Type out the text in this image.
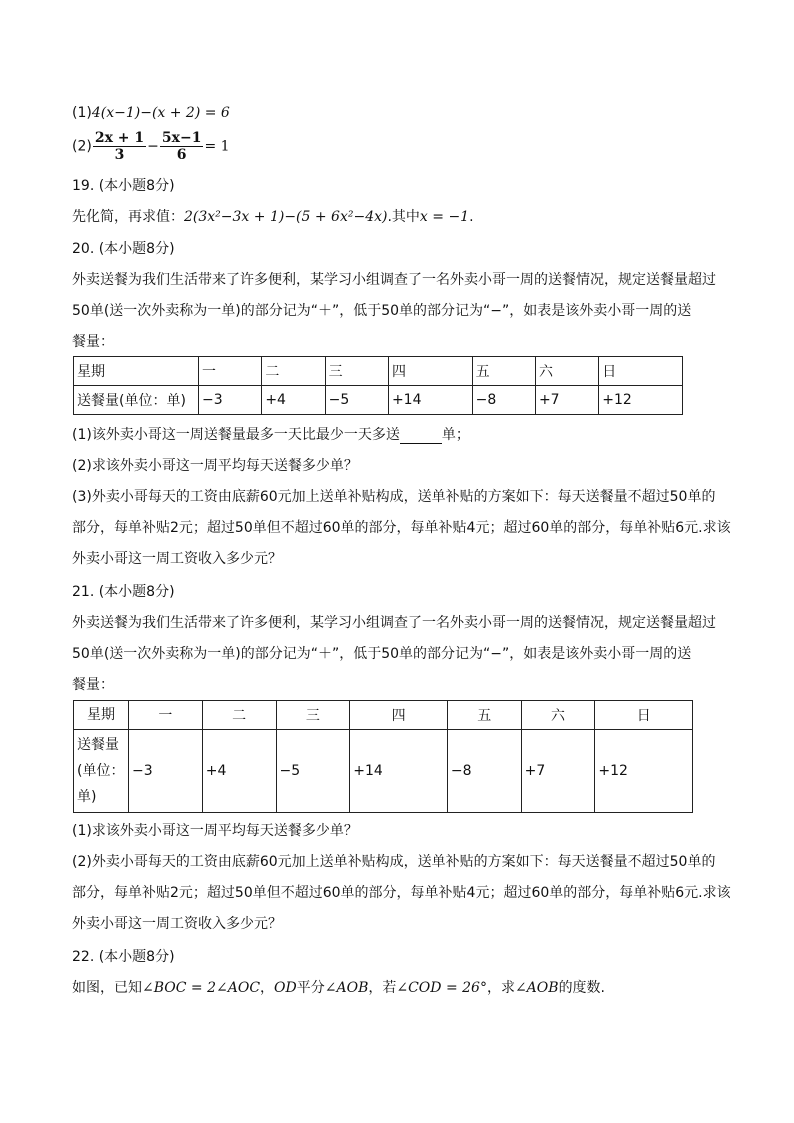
(1)4(x−1)−(x + 2) = 6
$(2) \frac{2x + 1}{3} - \frac{5x-1}{6} = 1$
19. (本小题8分)
先化简，再求值：2(3x²−3x + 1)−(5 + 6x²−4x).其中x = −1.
20. (本小题8分)
外卖送餐为我们生活带来了许多便利，某学习小组调查了一名外卖小哥一周的送餐情况，规定送餐量超过
50单(送一次外卖称为一单)的部分记为“＋”，低于50单的部分记为“−”，如表是该外卖小哥一周的送
餐量：
星期	一	二	三	四	五	六	日
送餐量(单位：单)	−3	+4	−5	+14	−8	+7	+12
(1)该外卖小哥这一周送餐量最多一天比最少一天多送	单；
(2)求该外卖小哥这一周平均每天送餐多少单？
(3)外卖小哥每天的工资由底薪60元加上送单补贴构成，送单补贴的方案如下：每天送餐量不超过50单的
部分，每单补贴2元；超过50单但不超过60单的部分，每单补贴4元；超过60单的部分，每单补贴6元.求该
外卖小哥这一周工资收入多少元？
21. (本小题8分)
外卖送餐为我们生活带来了许多便利，某学习小组调查了一名外卖小哥一周的送餐情况，规定送餐量超过
50单(送一次外卖称为一单)的部分记为“＋”，低于50单的部分记为“−”，如表是该外卖小哥一周的送
餐量：
星期	一	二	三	四	五	六	日
送餐量(单位：单)	−3	+4	−5	+14	−8	+7	+12
(1)求该外卖小哥这一周平均每天送餐多少单？
(2)外卖小哥每天的工资由底薪60元加上送单补贴构成，送单补贴的方案如下：每天送餐量不超过50单的
部分，每单补贴2元；超过50单但不超过60单的部分，每单补贴4元；超过60单的部分，每单补贴6元.求该
外卖小哥这一周工资收入多少元？
22. (本小题8分)
如图，已知∠BOC = 2∠AOC，OD平分∠AOB，若∠COD = 26°，求∠AOB的度数.
